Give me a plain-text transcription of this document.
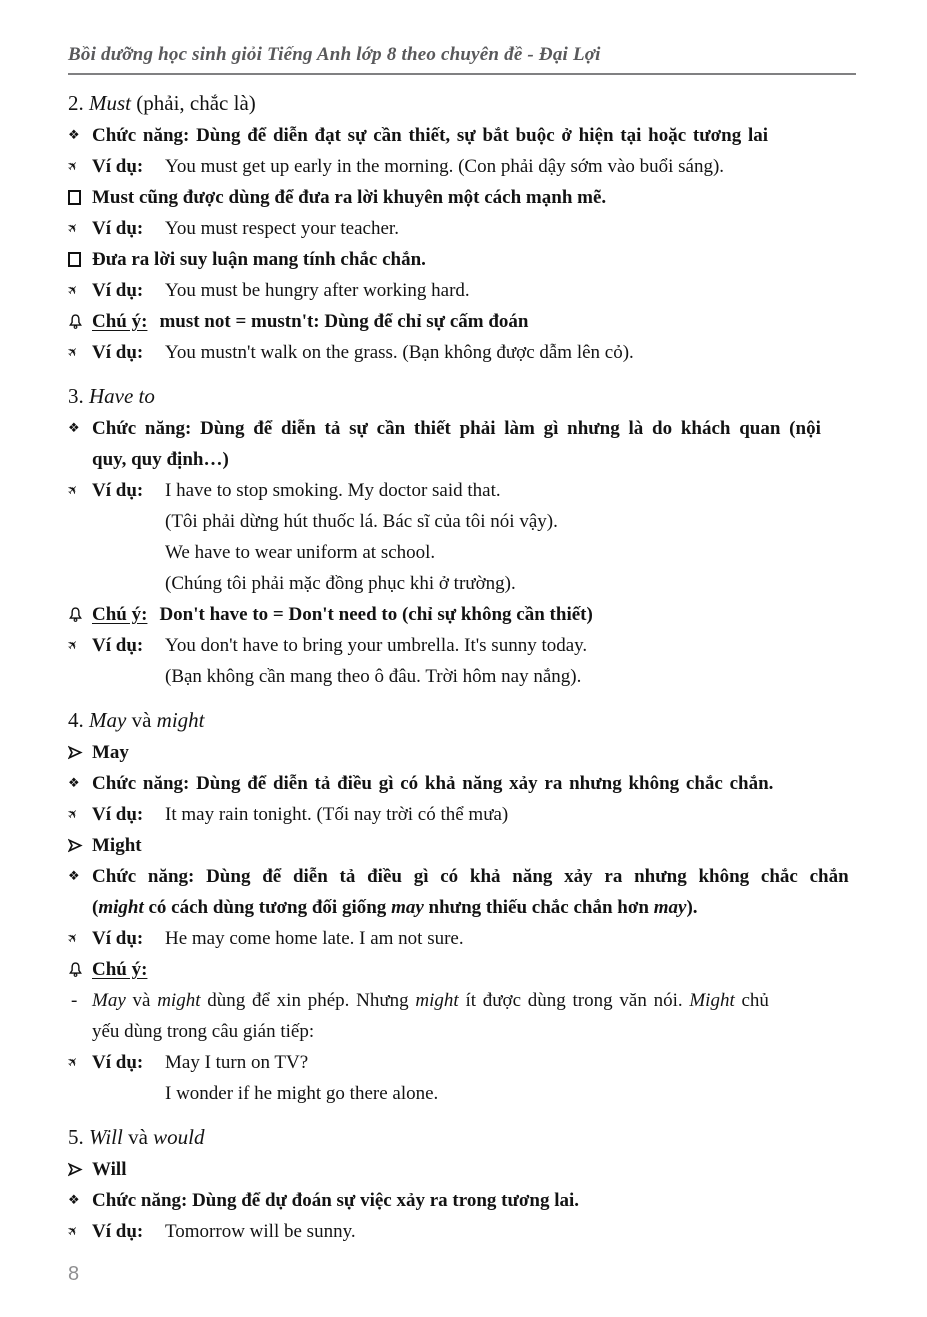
Bồi dưỡng học sinh giỏi Tiếng Anh lớp 8 theo chuyên đề - Đại Lợi
2. Must (phải, chắc là)
❖ Chức năng: Dùng để diễn đạt sự cần thiết, sự bắt buộc ở hiện tại hoặc tương lai
✈ Ví dụ: You must get up early in the morning. (Con phải dậy sớm vào buổi sáng).
Must cũng được dùng để đưa ra lời khuyên một cách mạnh mẽ.
✈ Ví dụ: You must respect your teacher.
Đưa ra lời suy luận mang tính chắc chắn.
✈ Ví dụ: You must be hungry after working hard.
Chú ý: must not = mustn't: Dùng để chỉ sự cấm đoán
✈ Ví dụ: You mustn't walk on the grass. (Bạn không được dẫm lên cỏ).
3. Have to
❖ Chức năng: Dùng để diễn tả sự cần thiết phải làm gì nhưng là do khách quan (nội
quy, quy định…)
✈ Ví dụ: I have to stop smoking. My doctor said that.
(Tôi phải dừng hút thuốc lá. Bác sĩ của tôi nói vậy).
We have to wear uniform at school.
(Chúng tôi phải mặc đồng phục khi ở trường).
Chú ý: Don't have to = Don't need to (chỉ sự không cần thiết)
✈ Ví dụ: You don't have to bring your umbrella. It's sunny today.
(Bạn không cần mang theo ô đâu. Trời hôm nay nắng).
4. May và might
May
❖ Chức năng: Dùng để diễn tả điều gì có khả năng xảy ra nhưng không chắc chắn.
✈ Ví dụ: It may rain tonight. (Tối nay trời có thể mưa)
Might
❖ Chức năng: Dùng để diễn tả điều gì có khả năng xảy ra nhưng không chắc chắn
(might có cách dùng tương đối giống may nhưng thiếu chắc chắn hơn may).
✈ Ví dụ: He may come home late. I am not sure.
Chú ý:
- May và might dùng để xin phép. Nhưng might ít được dùng trong văn nói. Might chủ
yếu dùng trong câu gián tiếp:
✈ Ví dụ: May I turn on TV?
I wonder if he might go there alone.
5. Will và would
Will
❖ Chức năng: Dùng để dự đoán sự việc xảy ra trong tương lai.
✈ Ví dụ: Tomorrow will be sunny.
8
